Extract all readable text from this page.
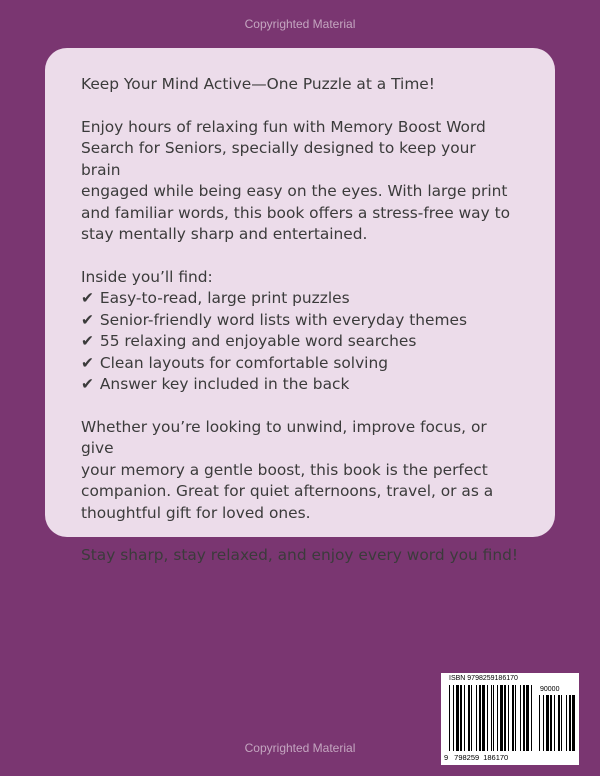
Copyrighted Material

Keep Your Mind Active—One Puzzle at a Time!

Enjoy hours of relaxing fun with Memory Boost Word
Search for Seniors, specially designed to keep your brain
engaged while being easy on the eyes. With large print
and familiar words, this book offers a stress-free way to
stay mentally sharp and entertained.

Inside you’ll find:

✔ Easy-to-read, large print puzzles
✔ Senior-friendly word lists with everyday themes
✔ 55 relaxing and enjoyable word searches
✔ Clean layouts for comfortable solving
✔ Answer key included in the back

Whether you’re looking to unwind, improve focus, or give
your memory a gentle boost, this book is the perfect
companion. Great for quiet afternoons, travel, or as a
thoughtful gift for loved ones.

Stay sharp, stay relaxed, and enjoy every word you find!

ISBN 9798259186170
90000
9 798259 186170
Copyrighted Material
